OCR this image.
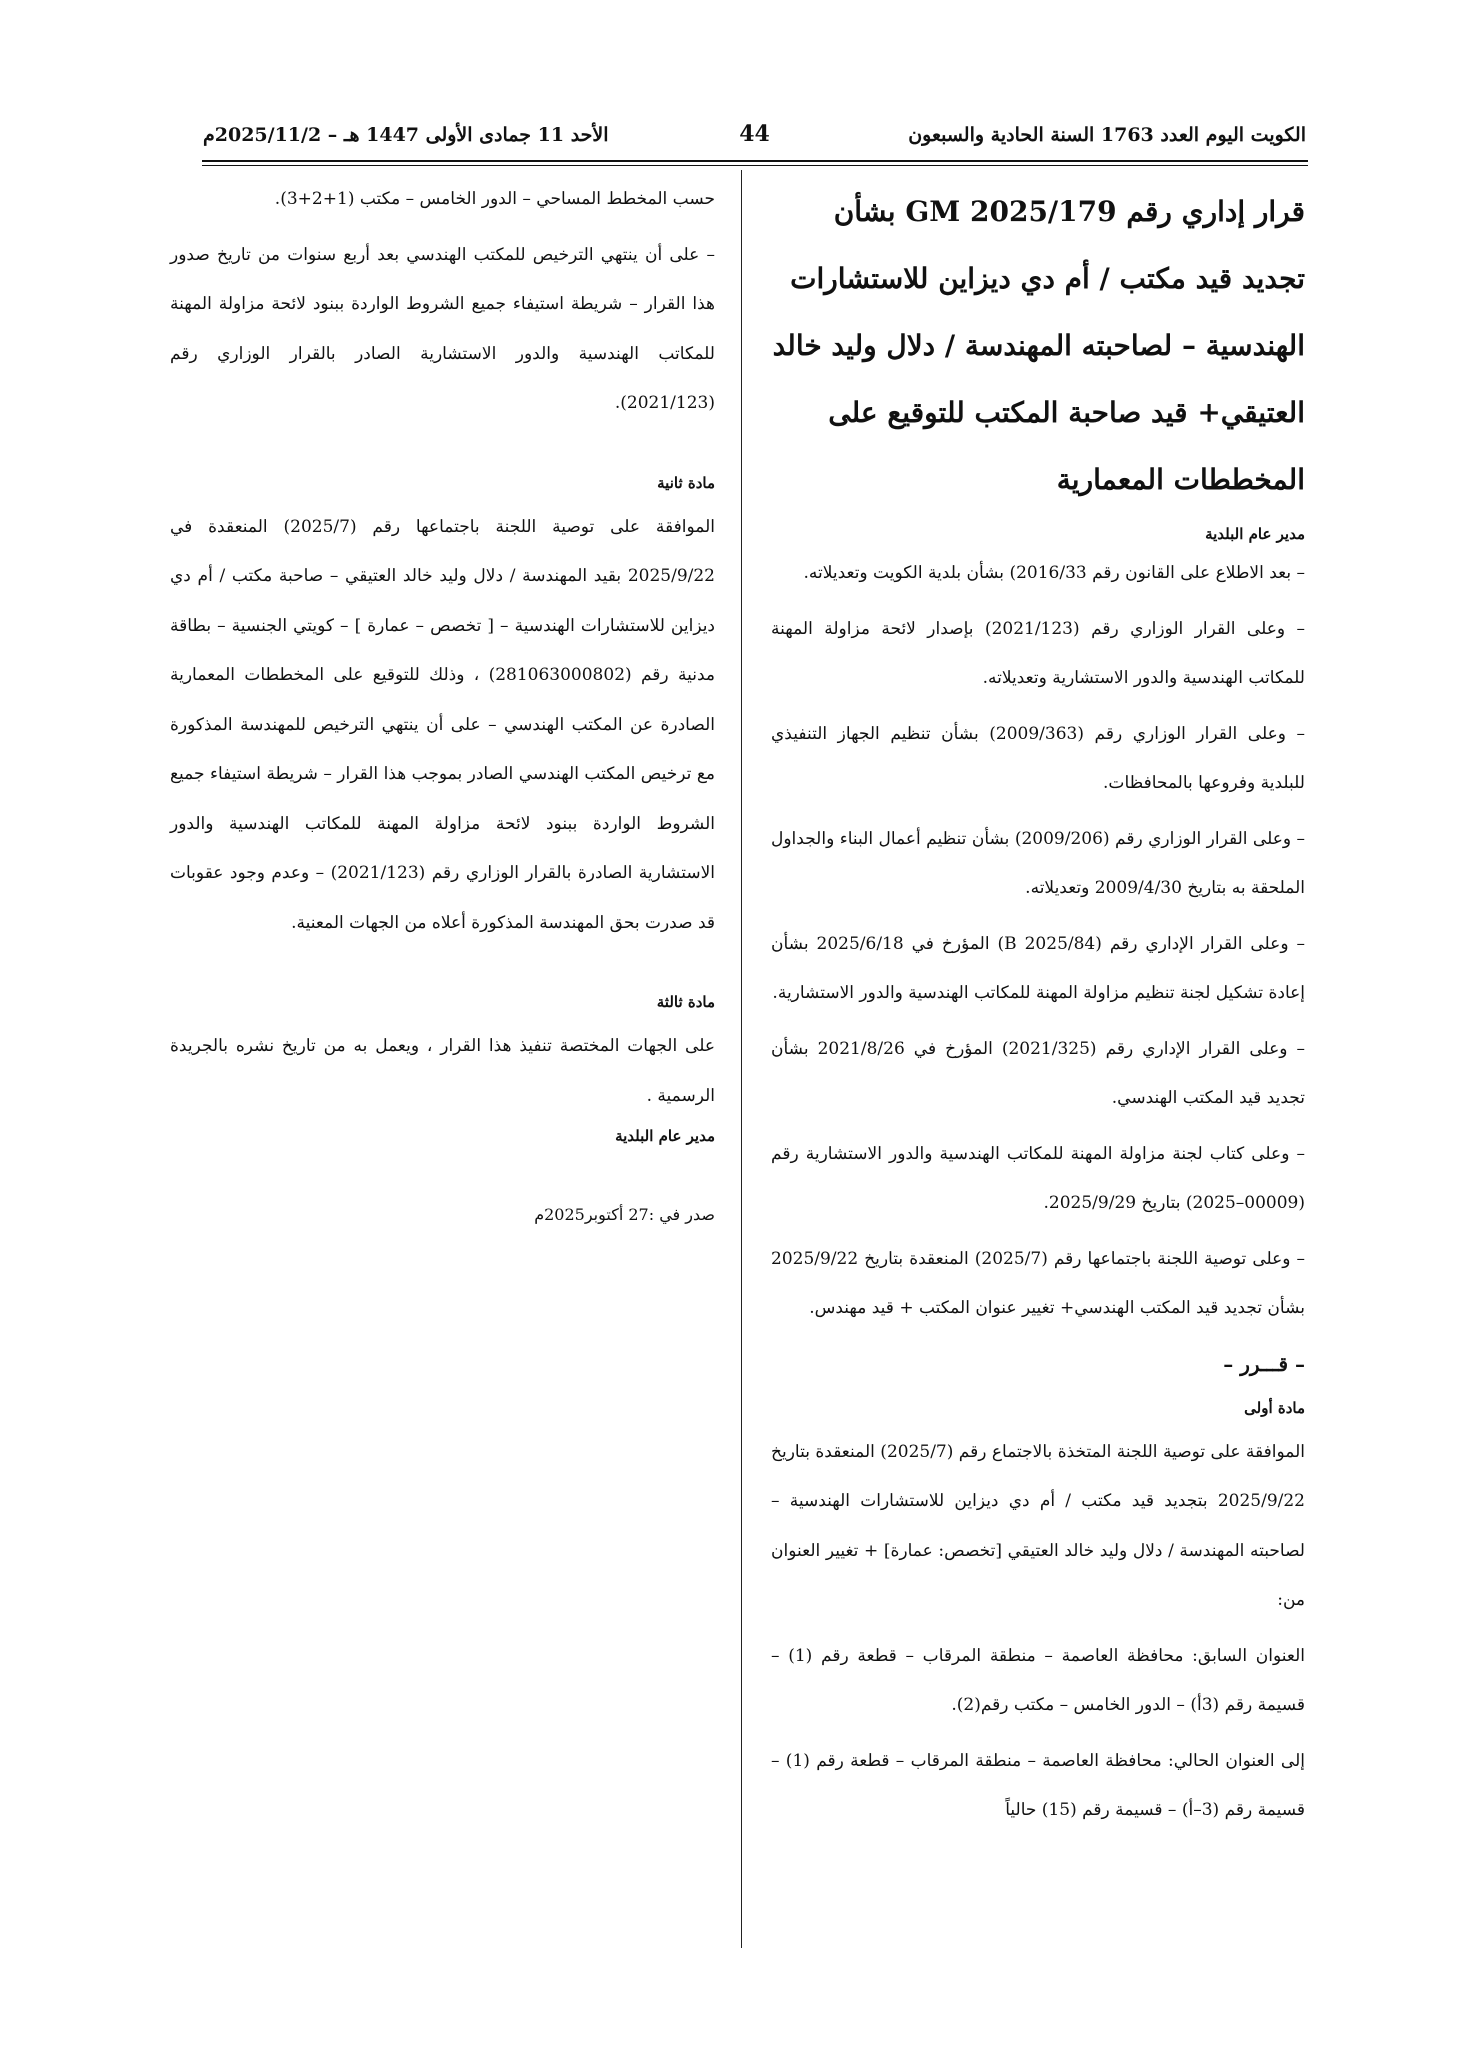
الكويت اليوم العدد 1763 السنة الحادية والسبعون
44
الأحد 11 جمادى الأولى 1447 هـ – 2025/11/2م

قرار إداري رقم 2025/179 GM بشأن تجديد قيد مكتب / أم دي ديزاين للاستشارات الهندسية – لصاحبته المهندسة / دلال وليد خالد العتيقي+ قيد صاحبة المكتب للتوقيع على المخططات المعمارية

مدير عام البلدية

– بعد الاطلاع على القانون رقم 2016/33) بشأن بلدية الكويت وتعديلاته.

– وعلى القرار الوزاري رقم (2021/123) بإصدار لائحة مزاولة المهنة للمكاتب الهندسية والدور الاستشارية وتعديلاته.

– وعلى القرار الوزاري رقم (2009/363) بشأن تنظيم الجهاز التنفيذي للبلدية وفروعها بالمحافظات.

– وعلى القرار الوزاري رقم (2009/206) بشأن تنظيم أعمال البناء والجداول الملحقة به بتاريخ 2009/4/30 وتعديلاته.

– وعلى القرار الإداري رقم (B 2025/84) المؤرخ في 2025/6/18 بشأن إعادة تشكيل لجنة تنظيم مزاولة المهنة للمكاتب الهندسية والدور الاستشارية.

– وعلى القرار الإداري رقم (2021/325) المؤرخ في 2021/8/26 بشأن تجديد قيد المكتب الهندسي.

– وعلى كتاب لجنة مزاولة المهنة للمكاتب الهندسية والدور الاستشارية رقم (00009–2025) بتاريخ 2025/9/29.

– وعلى توصية اللجنة باجتماعها رقم (2025/7) المنعقدة بتاريخ 2025/9/22 بشأن تجديد قيد المكتب الهندسي+ تغيير عنوان المكتب + قيد مهندس.

– قـــرر –

مادة أولى

الموافقة على توصية اللجنة المتخذة بالاجتماع رقم (2025/7) المنعقدة بتاريخ 2025/9/22 بتجديد قيد مكتب / أم دي ديزاين للاستشارات الهندسية – لصاحبته المهندسة / دلال وليد خالد العتيقي [تخصص: عمارة] + تغيير العنوان من:

العنوان السابق: محافظة العاصمة – منطقة المرقاب – قطعة رقم (1) – قسيمة رقم (3أ) – الدور الخامس – مكتب رقم(2).

إلى العنوان الحالي: محافظة العاصمة – منطقة المرقاب – قطعة رقم (1) – قسيمة رقم (3–أ) – قسيمة رقم (15) حالياً

حسب المخطط المساحي – الدور الخامس – مكتب (1+2+3).

– على أن ينتهي الترخيص للمكتب الهندسي بعد أربع سنوات من تاريخ صدور هذا القرار – شريطة استيفاء جميع الشروط الواردة ببنود لائحة مزاولة المهنة للمكاتب الهندسية والدور الاستشارية الصادر بالقرار الوزاري رقم (2021/123).

مادة ثانية

الموافقة على توصية اللجنة باجتماعها رقم (2025/7) المنعقدة في 2025/9/22 بقيد المهندسة / دلال وليد خالد العتيقي – صاحبة مكتب / أم دي ديزاين للاستشارات الهندسية – [ تخصص – عمارة ] – كويتي الجنسية – بطاقة مدنية رقم (281063000802) ، وذلك للتوقيع على المخططات المعمارية الصادرة عن المكتب الهندسي – على أن ينتهي الترخيص للمهندسة المذكورة مع ترخيص المكتب الهندسي الصادر بموجب هذا القرار – شريطة استيفاء جميع الشروط الواردة ببنود لائحة مزاولة المهنة للمكاتب الهندسية والدور الاستشارية الصادرة بالقرار الوزاري رقم (2021/123) – وعدم وجود عقوبات قد صدرت بحق المهندسة المذكورة أعلاه من الجهات المعنية.

مادة ثالثة

على الجهات المختصة تنفيذ هذا القرار ، ويعمل به من تاريخ نشره بالجريدة الرسمية .

مدير عام البلدية

صدر في :27 أكتوبر2025م
